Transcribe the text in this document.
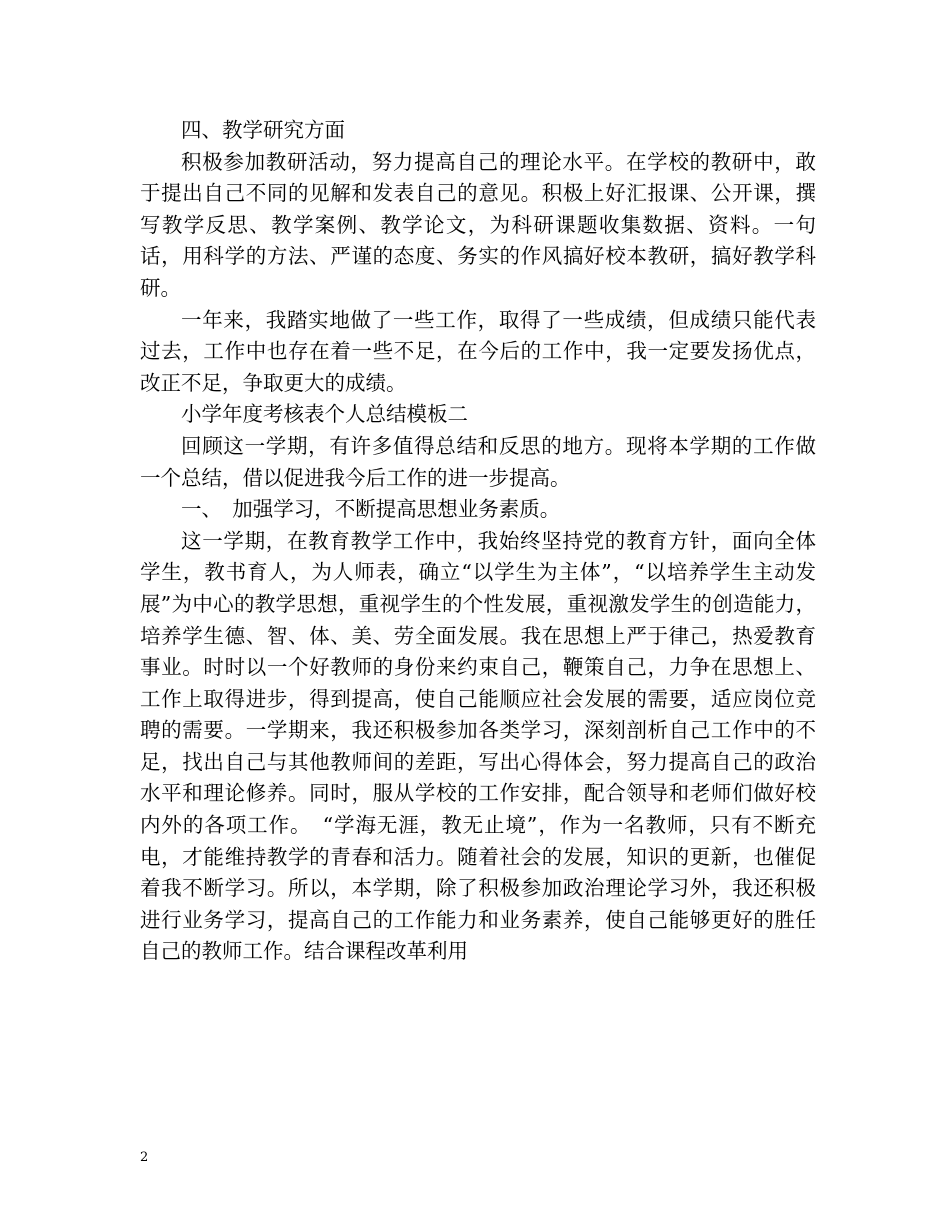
四、教学研究方面

积极参加教研活动，努力提高自己的理论水平。在学校的教研中，敢于提出自己不同的见解和发表自己的意见。积极上好汇报课、公开课，撰写教学反思、教学案例、教学论文，为科研课题收集数据、资料。一句话，用科学的方法、严谨的态度、务实的作风搞好校本教研，搞好教学科研。

一年来，我踏实地做了一些工作，取得了一些成绩，但成绩只能代表过去，工作中也存在着一些不足，在今后的工作中，我一定要发扬优点，改正不足，争取更大的成绩。

小学年度考核表个人总结模板二

回顾这一学期，有许多值得总结和反思的地方。现将本学期的工作做一个总结，借以促进我今后工作的进一步提高。

一、　加强学习，不断提高思想业务素质。

这一学期，在教育教学工作中，我始终坚持党的教育方针，面向全体学生，教书育人，为人师表，确立“以学生为主体”，“以培养学生主动发展”为中心的教学思想，重视学生的个性发展，重视激发学生的创造能力，培养学生德、智、体、美、劳全面发展。我在思想上严于律己，热爱教育事业。时时以一个好教师的身份来约束自己，鞭策自己，力争在思想上、工作上取得进步，得到提高，使自己能顺应社会发展的需要，适应岗位竞聘的需要。一学期来，我还积极参加各类学习，深刻剖析自己工作中的不足，找出自己与其他教师间的差距，写出心得体会，努力提高自己的政治水平和理论修养。同时，服从学校的工作安排，配合领导和老师们做好校内外的各项工作。　“学海无涯，教无止境”，作为一名教师，只有不断充电，才能维持教学的青春和活力。随着社会的发展，知识的更新，也催促着我不断学习。所以，本学期，除了积极参加政治理论学习外，我还积极进行业务学习，提高自己的工作能力和业务素养，使自己能够更好的胜任自己的教师工作。结合课程改革利用

2
